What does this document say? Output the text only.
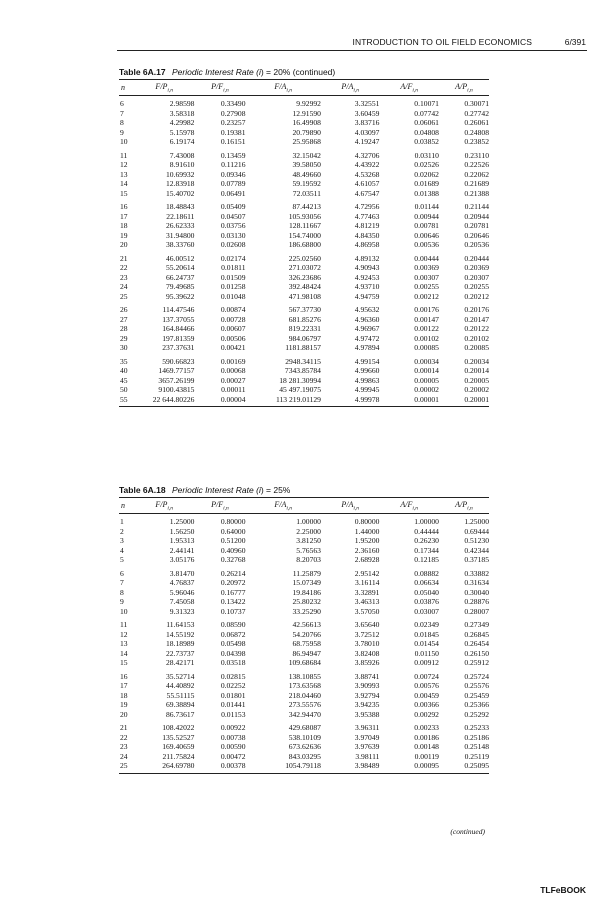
INTRODUCTION TO OIL FIELD ECONOMICS	6/391
Table 6A.17 Periodic Interest Rate (i) = 20% (continued)
n	$F/P_{i,n}$	$P/F_{i,n}$	$F/A_{i,n}$	$P/A_{i,n}$	$A/F_{i,n}$	$A/P_{i,n}$
6	2.98598	0.33490	9.92992	3.32551	0.10071	0.30071
7	3.58318	0.27908	12.91590	3.60459	0.07742	0.27742
8	4.29982	0.23257	16.49908	3.83716	0.06061	0.26061
9	5.15978	0.19381	20.79890	4.03097	0.04808	0.24808
10	6.19174	0.16151	25.95868	4.19247	0.03852	0.23852
11	7.43008	0.13459	32.15042	4.32706	0.03110	0.23110
12	8.91610	0.11216	39.58050	4.43922	0.02526	0.22526
13	10.69932	0.09346	48.49660	4.53268	0.02062	0.22062
14	12.83918	0.07789	59.19592	4.61057	0.01689	0.21689
15	15.40702	0.06491	72.03511	4.67547	0.01388	0.21388
16	18.48843	0.05409	87.44213	4.72956	0.01144	0.21144
17	22.18611	0.04507	105.93056	4.77463	0.00944	0.20944
18	26.62333	0.03756	128.11667	4.81219	0.00781	0.20781
19	31.94800	0.03130	154.74000	4.84350	0.00646	0.20646
20	38.33760	0.02608	186.68800	4.86958	0.00536	0.20536
21	46.00512	0.02174	225.02560	4.89132	0.00444	0.20444
22	55.20614	0.01811	271.03072	4.90943	0.00369	0.20369
23	66.24737	0.01509	326.23686	4.92453	0.00307	0.20307
24	79.49685	0.01258	392.48424	4.93710	0.00255	0.20255
25	95.39622	0.01048	471.98108	4.94759	0.00212	0.20212
26	114.47546	0.00874	567.37730	4.95632	0.00176	0.20176
27	137.37055	0.00728	681.85276	4.96360	0.00147	0.20147
28	164.84466	0.00607	819.22331	4.96967	0.00122	0.20122
29	197.81359	0.00506	984.06797	4.97472	0.00102	0.20102
30	237.37631	0.00421	1181.88157	4.97894	0.00085	0.20085
35	590.66823	0.00169	2948.34115	4.99154	0.00034	0.20034
40	1469.77157	0.00068	7343.85784	4.99660	0.00014	0.20014
45	3657.26199	0.00027	18 281.30994	4.99863	0.00005	0.20005
50	9100.43815	0.00011	45 497.19075	4.99945	0.00002	0.20002
55	22 644.80226	0.00004	113 219.01129	4.99978	0.00001	0.20001
Table 6A.18 Periodic Interest Rate (i) = 25%
n	$F/P_{i,n}$	$P/F_{i,n}$	$F/A_{i,n}$	$P/A_{i,n}$	$A/F_{i,n}$	$A/P_{i,n}$
1	1.25000	0.80000	1.00000	0.80000	1.00000	1.25000
2	1.56250	0.64000	2.25000	1.44000	0.44444	0.69444
3	1.95313	0.51200	3.81250	1.95200	0.26230	0.51230
4	2.44141	0.40960	5.76563	2.36160	0.17344	0.42344
5	3.05176	0.32768	8.20703	2.68928	0.12185	0.37185
6	3.81470	0.26214	11.25879	2.95142	0.08882	0.33882
7	4.76837	0.20972	15.07349	3.16114	0.06634	0.31634
8	5.96046	0.16777	19.84186	3.32891	0.05040	0.30040
9	7.45058	0.13422	25.80232	3.46313	0.03876	0.28876
10	9.31323	0.10737	33.25290	3.57050	0.03007	0.28007
11	11.64153	0.08590	42.56613	3.65640	0.02349	0.27349
12	14.55192	0.06872	54.20766	3.72512	0.01845	0.26845
13	18.18989	0.05498	68.75958	3.78010	0.01454	0.26454
14	22.73737	0.04398	86.94947	3.82408	0.01150	0.26150
15	28.42171	0.03518	109.68684	3.85926	0.00912	0.25912
16	35.52714	0.02815	138.10855	3.88741	0.00724	0.25724
17	44.40892	0.02252	173.63568	3.90993	0.00576	0.25576
18	55.51115	0.01801	218.04460	3.92794	0.00459	0.25459
19	69.38894	0.01441	273.55576	3.94235	0.00366	0.25366
20	86.73617	0.01153	342.94470	3.95388	0.00292	0.25292
21	108.42022	0.00922	429.68087	3.96311	0.00233	0.25233
22	135.52527	0.00738	538.10109	3.97049	0.00186	0.25186
23	169.40659	0.00590	673.62636	3.97639	0.00148	0.25148
24	211.75824	0.00472	843.03295	3.98111	0.00119	0.25119
25	264.69780	0.00378	1054.79118	3.98489	0.00095	0.25095
(continued)
TLFeBOOK
